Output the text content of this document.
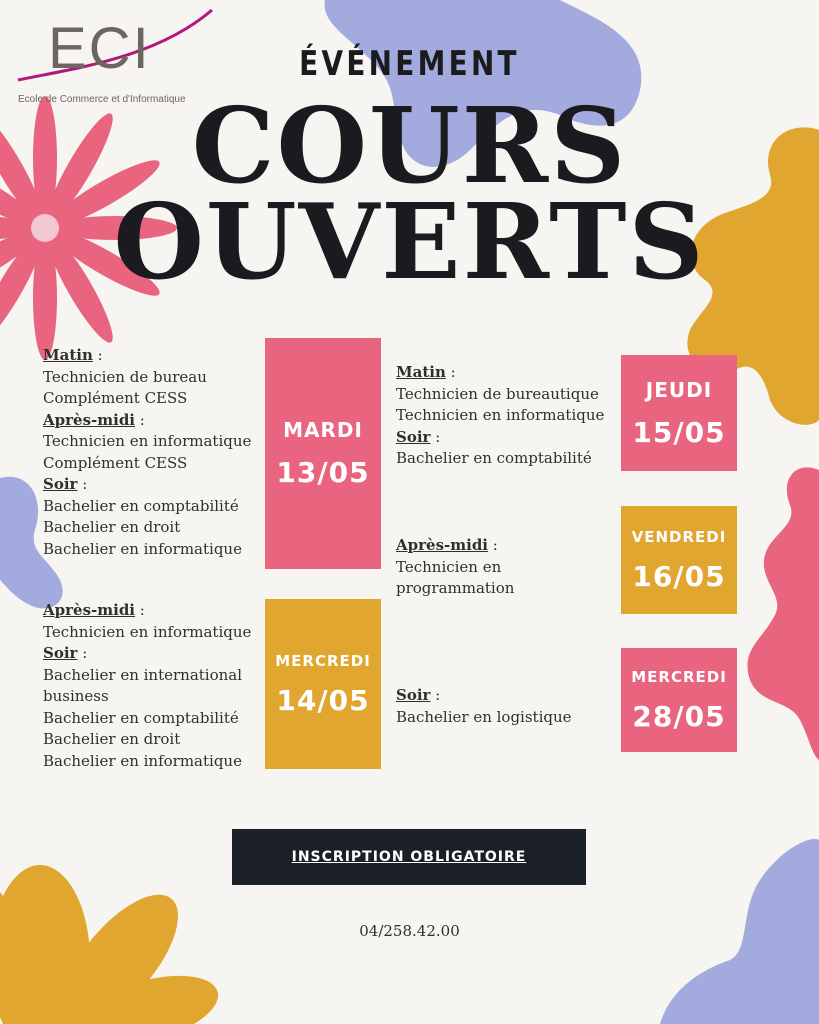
ECI
Ecole de Commerce et d'Informatique
ÉVÉNEMENT
COURS
OUVERTS
Matin :
Technicien de bureau
Complément CESS
Après-midi :
Technicien en informatique
Complément CESS
Soir :
Bachelier en comptabilité
Bachelier en droit
Bachelier en informatique
MARDI
13/05
Après-midi :
Technicien en informatique
Soir :
Bachelier en international
business
Bachelier en comptabilité
Bachelier en droit
Bachelier en informatique
MERCREDI
14/05
Matin :
Technicien de bureautique
Technicien en informatique
Soir :
Bachelier en comptabilité
JEUDI
15/05
Après-midi :
Technicien en
programmation
VENDREDI
16/05
Soir :
Bachelier en logistique
MERCREDI
28/05
INSCRIPTION OBLIGATOIRE
04/258.42.00
